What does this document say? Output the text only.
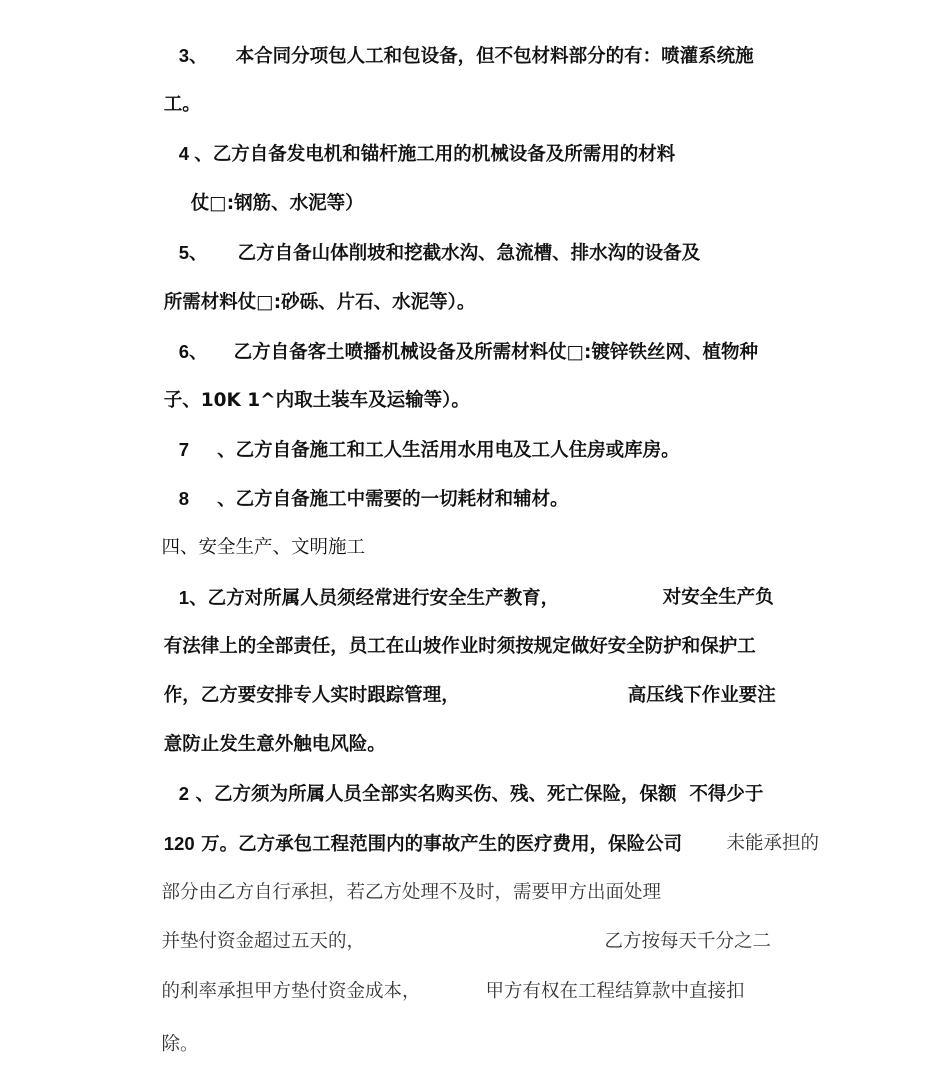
3、 本合同分项包人工和包设备，但不包材料部分的有：喷灌系统施

工。

4 、乙方自备发电机和锚杆施工用的机械设备及所需用的材料

仗□:钢筋、水泥等）

5、 乙方自备山体削坡和挖截水沟、急流槽、排水沟的设备及

所需材料仗□:砂砾、片石、水泥等）。

6、 乙方自备客土喷播机械设备及所需材料仗□:镀锌铁丝网、植物种

子、10K 1^内取土装车及运输等）。

7 、乙方自备施工和工人生活用水用电及工人住房或库房。

8 、乙方自备施工中需要的一切耗材和辅材。

四、安全生产、文明施工

1、乙方对所属人员须经常进行安全生产教育，
	对安全生产负

有法律上的全部责任，员工在山坡作业时须按规定做好安全防护和保护工

作，乙方要安排专人实时跟踪管理，
	高压线下作业要注

意防止发生意外触电风险。

2 、乙方须为所属人员全部实名购买伤、残、死亡保险，保额  不得少于

120 万。乙方承包工程范围内的事故产生的医疗费用，保险公司
	未能承担的

部分由乙方自行承担，若乙方处理不及时，需要甲方出面处理

并垫付资金超过五天的，
	乙方按每天千分之二

的利率承担甲方垫付资金成本，
	甲方有权在工程结算款中直接扣

除。
